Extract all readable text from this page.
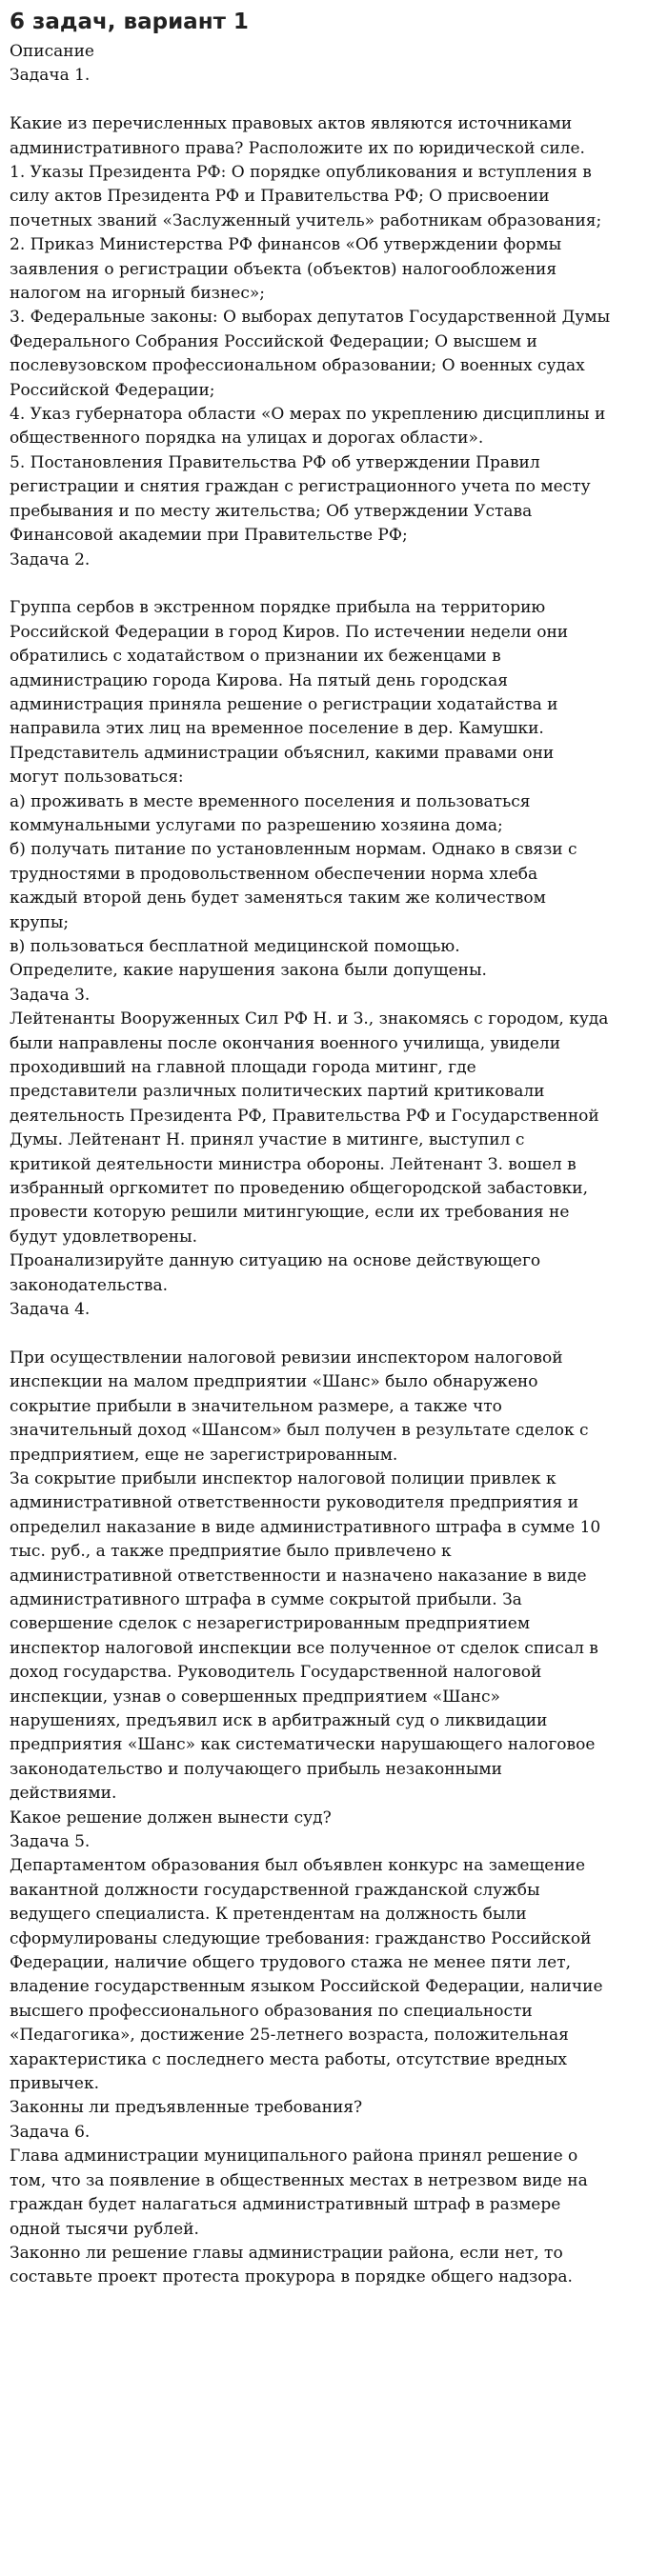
6 задач, вариант 1
Описание
Задача 1.
Какие из перечисленных правовых актов являются источниками
административного права? Расположите их по юридической силе.
1. Указы Президента РФ: О порядке опубликования и вступления в
силу актов Президента РФ и Правительства РФ; О присвоении
почетных званий «Заслуженный учитель» работникам образования;
2. Приказ Министерства РФ финансов «Об утверждении формы
заявления о регистрации объекта (объектов) налогообложения
налогом на игорный бизнес»;
3. Федеральные законы: О выборах депутатов Государственной Думы
Федерального Собрания Российской Федерации; О высшем и
послевузовском профессиональном образовании; О военных судах
Российской Федерации;
4. Указ губернатора области «О мерах по укреплению дисциплины и
общественного порядка на улицах и дорогах области».
5. Постановления Правительства РФ об утверждении Правил
регистрации и снятия граждан с регистрационного учета по месту
пребывания и по месту жительства; Об утверждении Устава
Финансовой академии при Правительстве РФ;
Задача 2.
Группа сербов в экстренном порядке прибыла на территорию
Российской Федерации в город Киров. По истечении недели они
обратились с ходатайством о признании их беженцами в
администрацию города Кирова. На пятый день городская
администрация приняла решение о регистрации ходатайства и
направила этих лиц на временное поселение в дер. Камушки.
Представитель администрации объяснил, какими правами они
могут пользоваться:
а) проживать в месте временного поселения и пользоваться
коммунальными услугами по разрешению хозяина дома;
б) получать питание по установленным нормам. Однако в связи с
трудностями в продовольственном обеспечении норма хлеба
каждый второй день будет заменяться таким же количеством
крупы;
в) пользоваться бесплатной медицинской помощью.
Определите, какие нарушения закона были допущены.
Задача 3.
Лейтенанты Вооруженных Сил РФ Н. и З., знакомясь с городом, куда
были направлены после окончания военного училища, увидели
проходивший на главной площади города митинг, где
представители различных политических партий критиковали
деятельность Президента РФ, Правительства РФ и Государственной
Думы. Лейтенант Н. принял участие в митинге, выступил с
критикой деятельности министра обороны. Лейтенант З. вошел в
избранный оргкомитет по проведению общегородской забастовки,
провести которую решили митингующие, если их требования не
будут удовлетворены.
Проанализируйте данную ситуацию на основе действующего
законодательства.
Задача 4.
При осуществлении налоговой ревизии инспектором налоговой
инспекции на малом предприятии «Шанс» было обнаружено
сокрытие прибыли в значительном размере, а также что
значительный доход «Шансом» был получен в результате сделок с
предприятием, еще не зарегистрированным.
За сокрытие прибыли инспектор налоговой полиции привлек к
административной ответственности руководителя предприятия и
определил наказание в виде административного штрафа в сумме 10
тыс. руб., а также предприятие было привлечено к
административной ответственности и назначено наказание в виде
административного штрафа в сумме сокрытой прибыли. За
совершение сделок с незарегистрированным предприятием
инспектор налоговой инспекции все полученное от сделок списал в
доход государства. Руководитель Государственной налоговой
инспекции, узнав о совершенных предприятием «Шанс»
нарушениях, предъявил иск в арбитражный суд о ликвидации
предприятия «Шанс» как систематически нарушающего налоговое
законодательство и получающего прибыль незаконными
действиями.
Какое решение должен вынести суд?
Задача 5.
Департаментом образования был объявлен конкурс на замещение
вакантной должности государственной гражданской службы
ведущего специалиста. К претендентам на должность были
сформулированы следующие требования: гражданство Российской
Федерации, наличие общего трудового стажа не менее пяти лет,
владение государственным языком Российской Федерации, наличие
высшего профессионального образования по специальности
«Педагогика», достижение 25-летнего возраста, положительная
характеристика с последнего места работы, отсутствие вредных
привычек.
Законны ли предъявленные требования?
Задача 6.
Глава администрации муниципального района принял решение о
том, что за появление в общественных местах в нетрезвом виде на
граждан будет налагаться административный штраф в размере
одной тысячи рублей.
Законно ли решение главы администрации района, если нет, то
составьте проект протеста прокурора в порядке общего надзора.
